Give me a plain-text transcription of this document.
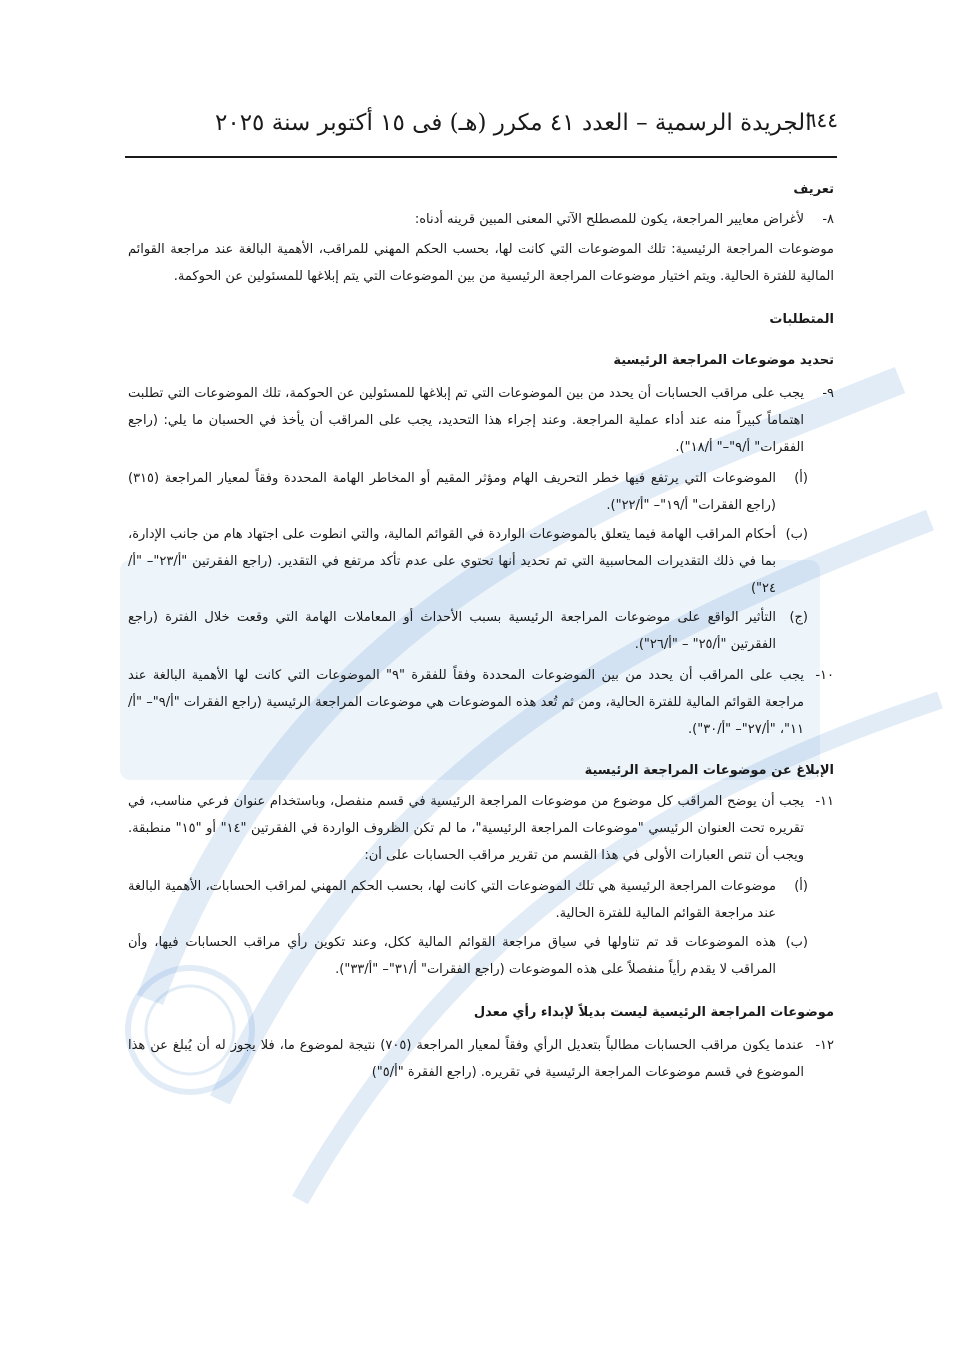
٦٤٤
الجريدة الرسمية – العدد ٤١ مكرر (هـ) فى ١٥ أكتوبر سنة ٢٠٢٥

تعريف

٨-
لأغراض معايير المراجعة، يكون للمصطلح الآتي المعنى المبين قرينه أدناه:

موضوعات المراجعة الرئيسية: تلك الموضوعات التي كانت لها، بحسب الحكم المهني للمراقب، الأهمية البالغة عند مراجعة القوائم المالية للفترة الحالية. ويتم اختيار موضوعات المراجعة الرئيسية من بين الموضوعات التي يتم إبلاغها للمسئولين عن الحوكمة.

المتطلبات

تحديد موضوعات المراجعة الرئيسية

٩-
يجب على مراقب الحسابات أن يحدد من بين الموضوعات التي تم إبلاغها للمسئولين عن الحوكمة، تلك الموضوعات التي تطلبت اهتماماً كبيراً منه عند أداء عملية المراجعة. وعند إجراء هذا التحديد، يجب على المراقب أن يأخذ في الحسبان ما يلي: (راجع الفقرات" أ/٩"–" أ/١٨").

(أ)
الموضوعات التي يرتفع فيها خطر التحريف الهام ومؤثر المقيم أو المخاطر الهامة المحددة وفقاً لمعيار المراجعة (٣١٥) (راجع الفقرات" أ/١٩"– "أ/٢٢").

(ب)
أحكام المراقب الهامة فيما يتعلق بالموضوعات الواردة في القوائم المالية، والتي انطوت على اجتهاد هام من جانب الإدارة، بما في ذلك التقديرات المحاسبية التي تم تحديد أنها تحتوي على عدم تأكد مرتفع في التقدير. (راجع الفقرتين "أ/٢٣"– "أ/٢٤")

(ج)
التأثير الواقع على موضوعات المراجعة الرئيسية بسبب الأحداث أو المعاملات الهامة التي وقعت خلال الفترة (راجع الفقرتين "أ/٢٥" – "أ/٢٦").

١٠-
يجب على المراقب أن يحدد من بين الموضوعات المحددة وفقاً للفقرة "٩" الموضوعات التي كانت لها الأهمية البالغة عند مراجعة القوائم المالية للفترة الحالية، ومن ثم تُعد هذه الموضوعات هي موضوعات المراجعة الرئيسية (راجع الفقرات "أ/٩"– "أ/١١"، "أ/٢٧"– "أ/٣٠").

الإبلاغ عن موضوعات المراجعة الرئيسية

١١-
يجب أن يوضح المراقب كل موضوع من موضوعات المراجعة الرئيسية في قسم منفصل، وباستخدام عنوان فرعي مناسب، في تقريره تحت العنوان الرئيسي "موضوعات المراجعة الرئيسية"، ما لم تكن الظروف الواردة في الفقرتين "١٤" أو "١٥" منطبقة. ويجب أن تنص العبارات الأولى في هذا القسم من تقرير مراقب الحسابات على أن:

(أ)
موضوعات المراجعة الرئيسية هي تلك الموضوعات التي كانت لها، بحسب الحكم المهني لمراقب الحسابات، الأهمية البالغة عند مراجعة القوائم المالية للفترة الحالية.

(ب)
هذه الموضوعات قد تم تناولها في سياق مراجعة القوائم المالية ككل، وعند تكوين رأي مراقب الحسابات فيها، وأن المراقب لا يقدم رأياً منفصلاً على هذه الموضوعات (راجع الفقرات" أ/٣١"– "أ/٣٣").

موضوعات المراجعة الرئيسية ليست بديلاً لإبداء رأي معدل

١٢-
عندما يكون مراقب الحسابات مطالباً بتعديل الرأي وفقاً لمعيار المراجعة (٧٠٥) نتيجة لموضوع ما، فلا يجوز له أن يُبلغ عن هذا الموضوع في قسم موضوعات المراجعة الرئيسية في تقريره. (راجع الفقرة "أ/٥")
